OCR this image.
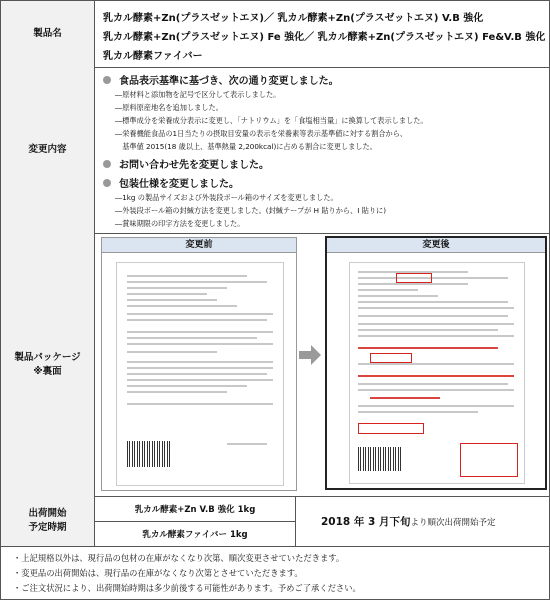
製品名
乳カル酵素+Zn(プラスゼットエヌ)／ 乳カル酵素+Zn(プラスゼットエヌ) V.B 強化
乳カル酵素+Zn(プラスゼットエヌ) Fe 強化／ 乳カル酵素+Zn(プラスゼットエヌ) Fe&V.B 強化
乳カル酵素ファイバー
変更内容
食品表示基準に基づき、次の通り変更しました。
―原材料と添加物を記号で区分して表示しました。
―原料原産地名を追加しました。
―標準成分を栄養成分表示に変更し、「ナトリウム」を「食塩相当量」に換算して表示しました。
―栄養機能食品の1日当たりの摂取目安量の表示を栄養素等表示基準値に対する割合から、
　基準値 2015(18 歳以上、基準熱量 2,200kcal)に占める割合に変更しました。
お問い合わせ先を変更しました。
包装仕様を変更しました。
―1kg の製品サイズおよび外装段ボール箱のサイズを変更しました。
―外装段ボール箱の封緘方法を変更しました。(封緘テープが H 貼りから、I 貼りに)
―賞味期限の印字方法を変更しました。
製品パッケージ
※裏面
変更前	変更後
出荷開始
予定時期
乳カル酵素+Zn V.B 強化 1kg
乳カル酵素ファイバー 1kg
2018 年 3 月下旬より順次出荷開始予定
・上記規格以外は、現行品の包材の在庫がなくなり次第、順次変更させていただきます。
・変更品の出荷開始は、現行品の在庫がなくなり次第とさせていただきます。
・ご注文状況により、出荷開始時期は多少前後する可能性があります。予めご了承ください。
